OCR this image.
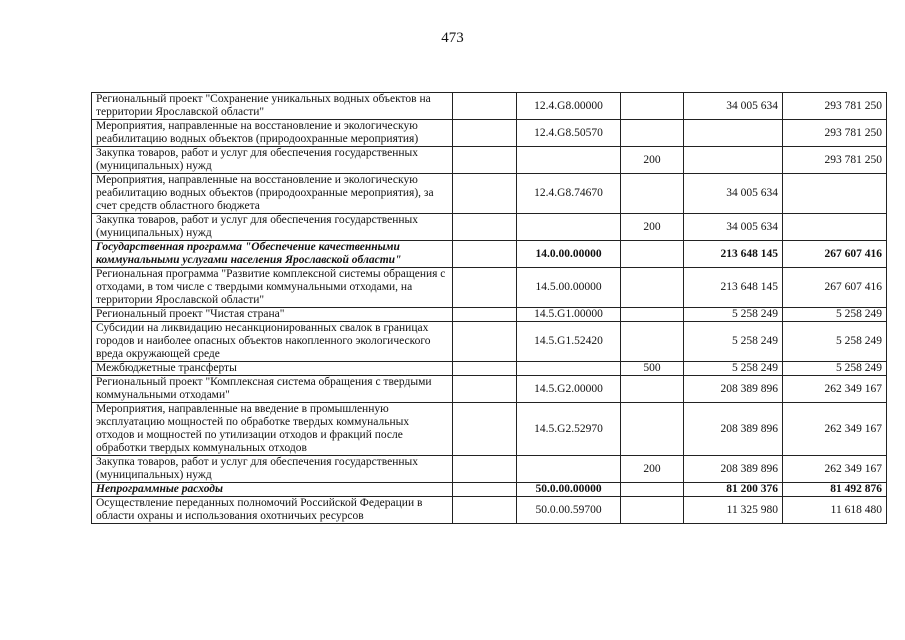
473
Региональный проект "Сохранение уникальных водных объектов на территории Ярославской области"		12.4.G8.00000		34 005 634	293 781 250
Мероприятия, направленные на восстановление и экологическую реабилитацию водных объектов (природоохранные мероприятия)		12.4.G8.50570			293 781 250
Закупка товаров, работ и услуг для обеспечения государственных (муниципальных) нужд			200		293 781 250
Мероприятия, направленные на восстановление и экологическую реабилитацию водных объектов (природоохранные мероприятия), за счет средств областного бюджета		12.4.G8.74670		34 005 634	
Закупка товаров, работ и услуг для обеспечения государственных (муниципальных) нужд			200	34 005 634	
Государственная программа "Обеспечение качественными коммунальными услугами населения Ярославской области"		14.0.00.00000		213 648 145	267 607 416
Региональная программа "Развитие комплексной системы обращения с отходами, в том числе с твердыми коммунальными отходами, на территории Ярославской области"		14.5.00.00000		213 648 145	267 607 416
Региональный проект "Чистая страна"		14.5.G1.00000		5 258 249	5 258 249
Субсидии на ликвидацию несанкционированных свалок в границах городов и наиболее опасных объектов накопленного экологического вреда окружающей среде		14.5.G1.52420		5 258 249	5 258 249
Межбюджетные трансферты			500	5 258 249	5 258 249
Региональный проект "Комплексная система обращения с твердыми коммунальными отходами"		14.5.G2.00000		208 389 896	262 349 167
Мероприятия, направленные на введение в промышленную эксплуатацию мощностей по обработке твердых коммунальных отходов и мощностей по утилизации отходов и фракций после обработки твердых коммунальных отходов		14.5.G2.52970		208 389 896	262 349 167
Закупка товаров, работ и услуг для обеспечения государственных (муниципальных) нужд			200	208 389 896	262 349 167
Непрограммные расходы		50.0.00.00000		81 200 376	81 492 876
Осуществление переданных полномочий Российской Федерации в области охраны и использования охотничьих ресурсов		50.0.00.59700		11 325 980	11 618 480
